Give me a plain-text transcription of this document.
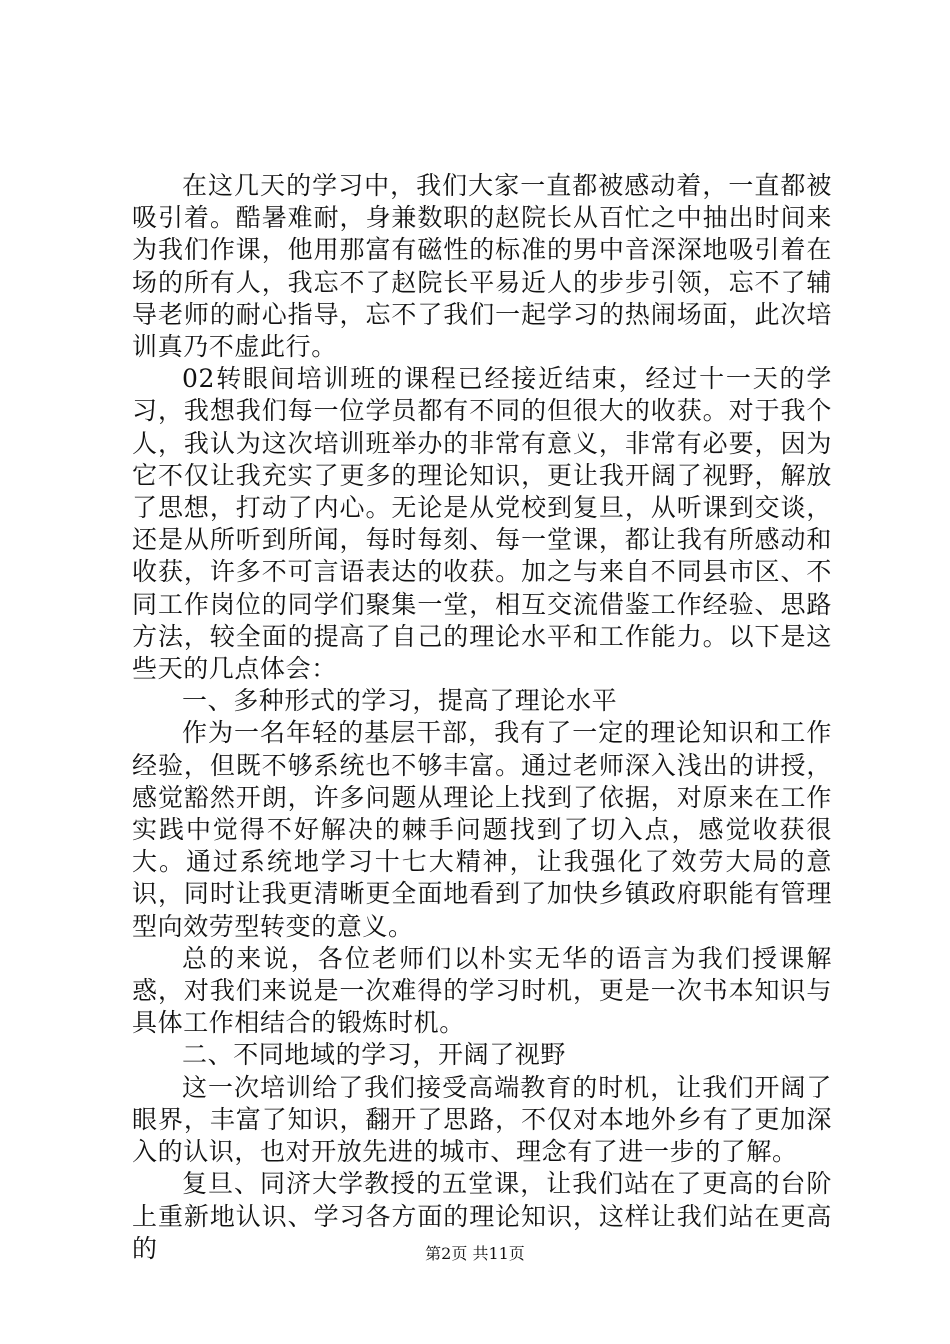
在这几天的学习中，我们大家一直都被感动着，一直都被吸引着。酷暑难耐，身兼数职的赵院长从百忙之中抽出时间来为我们作课，他用那富有磁性的标准的男中音深深地吸引着在场的所有人，我忘不了赵院长平易近人的步步引领，忘不了辅导老师的耐心指导，忘不了我们一起学习的热闹场面，此次培训真乃不虚此行。

02转眼间培训班的课程已经接近结束，经过十一天的学习，我想我们每一位学员都有不同的但很大的收获。对于我个人，我认为这次培训班举办的非常有意义，非常有必要，因为它不仅让我充实了更多的理论知识，更让我开阔了视野，解放了思想，打动了内心。无论是从党校到复旦，从听课到交谈，还是从所听到所闻，每时每刻、每一堂课，都让我有所感动和收获，许多不可言语表达的收获。加之与来自不同县市区、不同工作岗位的同学们聚集一堂，相互交流借鉴工作经验、思路方法，较全面的提高了自己的理论水平和工作能力。以下是这些天的几点体会：

一、多种形式的学习，提高了理论水平

作为一名年轻的基层干部，我有了一定的理论知识和工作经验，但既不够系统也不够丰富。通过老师深入浅出的讲授，感觉豁然开朗，许多问题从理论上找到了依据，对原来在工作实践中觉得不好解决的棘手问题找到了切入点，感觉收获很大。通过系统地学习十七大精神，让我强化了效劳大局的意识，同时让我更清晰更全面地看到了加快乡镇政府职能有管理型向效劳型转变的意义。

总的来说，各位老师们以朴实无华的语言为我们授课解惑，对我们来说是一次难得的学习时机，更是一次书本知识与具体工作相结合的锻炼时机。

二、不同地域的学习，开阔了视野

这一次培训给了我们接受高端教育的时机，让我们开阔了眼界，丰富了知识，翻开了思路，不仅对本地外乡有了更加深入的认识，也对开放先进的城市、理念有了进一步的了解。

复旦、同济大学教授的五堂课，让我们站在了更高的台阶上重新地认识、学习各方面的理论知识，这样让我们站在更高的	第2页 共11页
